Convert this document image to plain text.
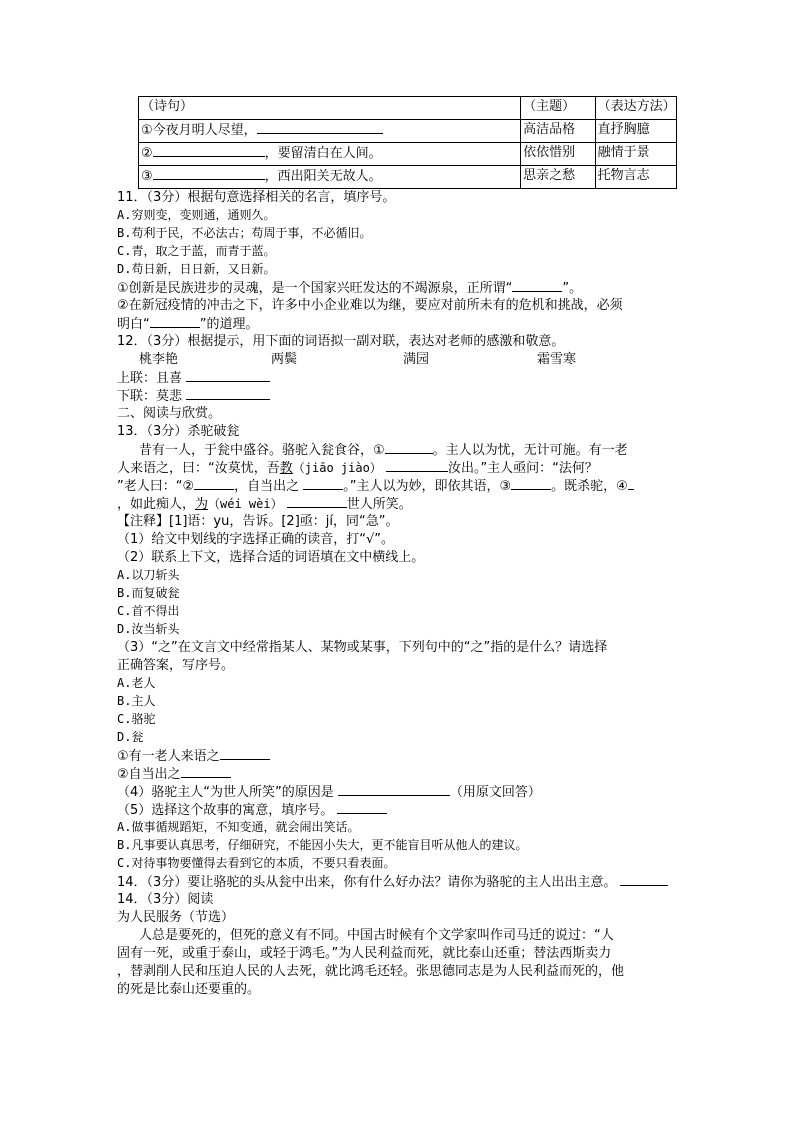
（诗句）	（主题）	（表达方法）
①今夜月明人尽望，	高洁品格	直抒胸臆
② ，要留清白在人间。	依依惜别	融情于景
③ ，西出阳关无故人。	思亲之愁	托物言志
11．（3分）根据句意选择相关的名言，填序号。
A.穷则变，变则通，通则久。
B.苟利于民，不必法古；苟周于事，不必循旧。
C.青，取之于蓝，而青于蓝。
D.苟日新，日日新，又日新。
①创新是民族进步的灵魂，是一个国家兴旺发达的不竭源泉，正所谓“	”。
②在新冠疫情的冲击之下，许多中小企业难以为继，要应对前所未有的危机和挑战，必须
明白“	”的道理。
12．（3分）根据提示，用下面的词语拟一副对联，表达对老师的感激和敬意。
桃李艳	两鬓	满园	霜雪寒
上联：且喜
下联：莫悲
二、阅读与欣赏。
13．（3分）杀驼破瓮
昔有一人，于瓮中盛谷。骆驼入瓮食谷，①	。主人以为忧，无计可施。有一老
人来语之，曰：“汝莫忧，吾教（jiāo jiào）	汝出。”主人亟问：“法何？
”老人曰：“②	，自当出之	。”主人以为妙，即依其语，③	。既杀驼，④
，如此痴人，为（wéi wèi）	世人所笑。
【注释】[1]语：yu，告诉。[2]亟：jí，同“急”。
（1）给文中划线的字选择正确的读音，打“√”。
（2）联系上下文，选择合适的词语填在文中横线上。
A.以刀斩头
B.而复破瓮
C.首不得出
D.汝当斩头
（3）“之”在文言文中经常指某人、某物或某事，下列句中的“之”指的是什么？请选择
正确答案，写序号。
A.老人
B.主人
C.骆驼
D.瓮
①有一老人来语之
②自当出之
（4）骆驼主人“为世人所笑”的原因是	（用原文回答）
（5）选择这个故事的寓意，填序号。
A.做事循规蹈矩，不知变通，就会闹出笑话。
B.凡事要认真思考，仔细研究，不能因小失大，更不能盲目听从他人的建议。
C.对待事物要懂得去看到它的本质，不要只看表面。
14．（3分）要让骆驼的头从瓮中出来，你有什么好办法？请你为骆驼的主人出出主意。
14．（3分）阅读
为人民服务（节选）
人总是要死的，但死的意义有不同。中国古时候有个文学家叫作司马迁的说过：“人
固有一死，或重于泰山，或轻于鸿毛。”为人民利益而死，就比泰山还重；替法西斯卖力
，替剥削人民和压迫人民的人去死，就比鸿毛还轻。张思德同志是为人民利益而死的，他
的死是比泰山还要重的。
